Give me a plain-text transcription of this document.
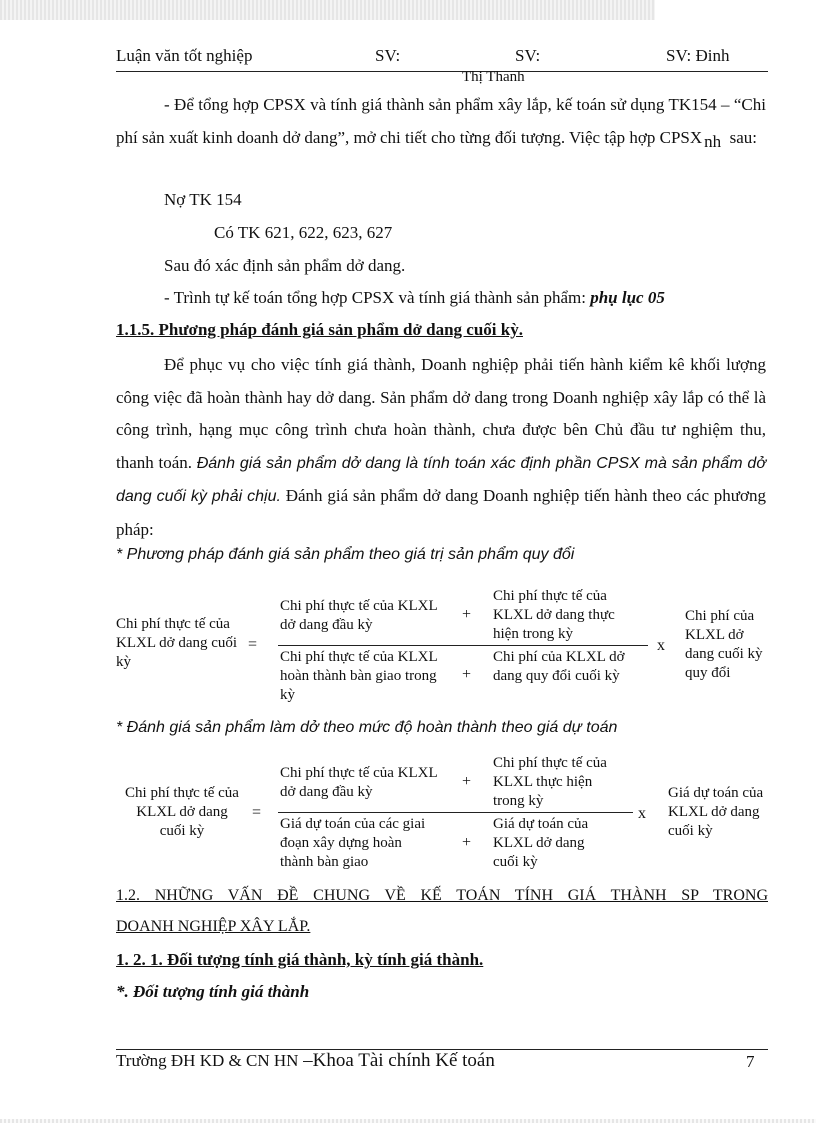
Luận văn tốt nghiệp	SV:	SV:	SV: Đinh
Thị Thanh
- Để tổng hợp CPSX và tính giá thành sản phẩm xây lắp, kế toán sử dụng TK154 – “Chi phí sản xuất kinh doanh dở dang”, mở chi tiết cho từng đối tượng. Việc tập hợp CPSX nh sau:
Nợ TK 154
Có TK 621, 622, 623, 627
Sau đó xác định sản phẩm dở dang.
- Trình tự kế toán tổng hợp CPSX và tính giá thành sản phẩm: phụ lục 05
1.1.5. Phương pháp đánh giá sản phẩm dở dang cuối kỳ.
Để phục vụ cho việc tính giá thành, Doanh nghiệp phải tiến hành kiểm kê khối lượng công việc đã hoàn thành hay dở dang. Sản phẩm dở dang trong Doanh nghiệp xây lắp có thể là công trình, hạng mục công trình chưa hoàn thành, chưa được bên Chủ đầu tư nghiệm thu, thanh toán. Đánh giá sản phẩm dở dang là tính toán xác định phần CPSX mà sản phẩm dở dang cuối kỳ phải chịu. Đánh giá sản phẩm dở dang Doanh nghiệp tiến hành theo các phương pháp:
* Phương pháp đánh giá sản phẩm theo giá trị sản phẩm quy đổi
Chi phí thực tế của KLXL dở dang cuối kỳ
=
Chi phí thực tế của KLXL dở dang đầu kỳ
+
Chi phí thực tế của KLXL dở dang thực hiện trong kỳ
x
Chi phí thực tế của KLXL hoàn thành bàn giao trong kỳ
+
Chi phí của KLXL dở dang quy đổi cuối kỳ
Chi phí của KLXL dở dang cuối kỳ quy đổi
* Đánh giá sản phẩm làm dở theo mức độ hoàn thành theo giá dự toán
Chi phí thực tế của KLXL dở dang cuối kỳ
=
Chi phí thực tế của KLXL dở dang đầu kỳ
+
Chi phí thực tế của KLXL thực hiện trong kỳ
x
Giá dự toán của các giai đoạn xây dựng hoàn thành bàn giao
+
Giá dự toán của KLXL dở dang cuối kỳ
Giá dự toán của KLXL dở dang cuối kỳ
1.2. NHỮNG VẤN ĐỀ CHUNG VỀ KẾ TOÁN TÍNH GIÁ THÀNH SP TRONG
DOANH NGHIỆP XÂY LẮP.
1. 2. 1. Đối tượng tính giá thành, kỳ tính giá thành.
*. Đối tượng tính giá thành
Trường ĐH KD & CN HN –Khoa Tài chính Kế toán	7
